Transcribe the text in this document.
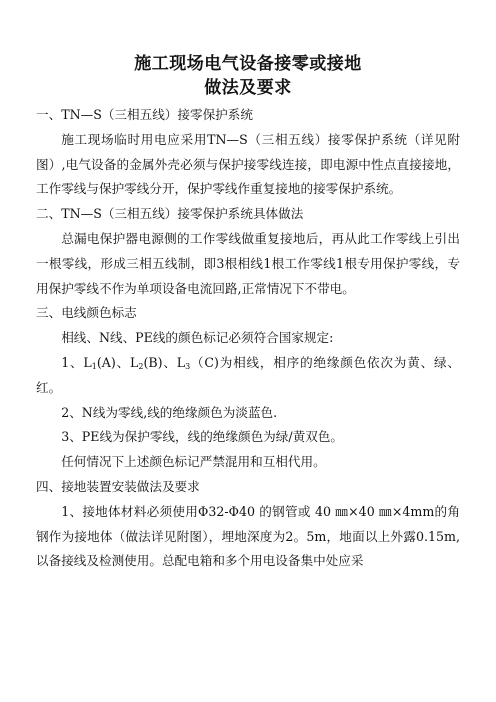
施工现场电气设备接零或接地
做法及要求

一、TN—S（三相五线）接零保护系统

施工现场临时用电应采用TN—S（三相五线）接零保护系统（详见附图）,电气设备的金属外壳必须与保护接零线连接，即电源中性点直接接地，工作零线与保护零线分开，保护零线作重复接地的接零保护系统。

二、TN—S（三相五线）接零保护系统具体做法

总漏电保护器电源侧的工作零线做重复接地后，再从此工作零线上引出一根零线，形成三相五线制，即3根相线1根工作零线1根专用保护零线，专用保护零线不作为单项设备电流回路,正常情况下不带电。

三、电线颜色标志

相线、N线、PE线的颜色标记必须符合国家规定:

1、$L_1(A)$、$L_2(B)$、$L_3(C)$为相线，相序的绝缘颜色依次为黄、绿、红。

2、N线为零线,线的绝缘颜色为淡蓝色.

3、PE线为保护零线，线的绝缘颜色为绿/黄双色。

任何情况下上述颜色标记严禁混用和互相代用。

四、接地装置安装做法及要求

1、接地体材料必须使用Φ32-Φ40 的钢管或 40 ㎜×40 ㎜×4mm的角钢作为接地体（做法详见附图），埋地深度为2。5m，地面以上外露0.15m,以备接线及检测使用。总配电箱和多个用电设备集中处应采
